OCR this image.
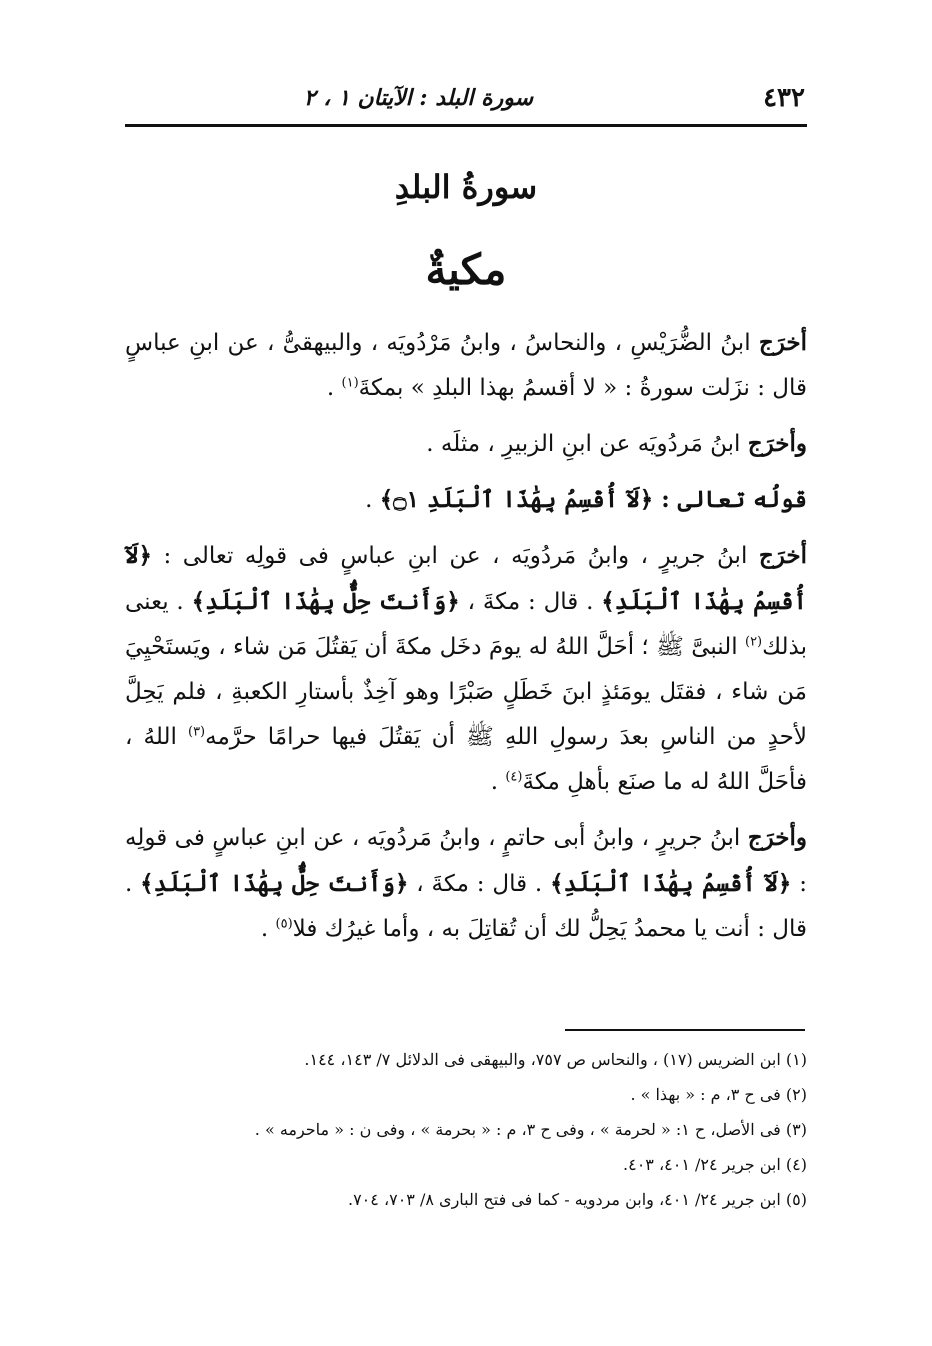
٤٣٢
سورة البلد : الآيتان ١ ، ٢
سورةُ البلدِ
مكيةٌ

أخرَج ابنُ الضُّرَيْسِ ، والنحاسُ ، وابنُ مَرْدُويَه ، والبيهقىُّ ، عن ابنِ عباسٍ قال : نزَلت سورةُ : « لا أقسمُ بهذا البلدِ » بمكةَ$^{(١)}$ .

وأخرَج ابنُ مَردُويَه عن ابنِ الزبيرِ ، مثلَه .

قولُه تعالى : ﴿لَآ أُقْسِمُ بِهَٰذَا ٱلْبَلَدِ ۝١﴾ .

أخرَج ابنُ جريرٍ ، وابنُ مَردُويَه ، عن ابنِ عباسٍ فى قولِه تعالى : ﴿لَآ أُقْسِمُ بِهَٰذَا ٱلْبَلَدِ﴾ . قال : مكةَ ، ﴿وَأَنتَ حِلٌّۢ بِهَٰذَا ٱلْبَلَدِ﴾ . يعنى بذلك$^{(٢)}$ النبىَّ ﷺ ؛ أحَلَّ اللهُ له يومَ دخَل مكةَ أن يَقتُلَ مَن شاء ، ويَستَحْيِيَ مَن شاء ، فقتَل يومَئذٍ ابنَ خَطَلٍ صَبْرًا وهو آخِذٌ بأستارِ الكعبةِ ، فلم يَحِلَّ لأحدٍ من الناسِ بعدَ رسولِ اللهِ ﷺ أن يَقتُلَ فيها حرامًا حرَّمه$^{(٣)}$ اللهُ ، فأحَلَّ اللهُ له ما صنَع بأهلِ مكةَ$^{(٤)}$ .

وأخرَج ابنُ جريرٍ ، وابنُ أبى حاتمٍ ، وابنُ مَردُويَه ، عن ابنِ عباسٍ فى قولِه : ﴿لَآ أُقْسِمُ بِهَٰذَا ٱلْبَلَدِ﴾ . قال : مكةَ ، ﴿وَأَنتَ حِلٌّۢ بِهَٰذَا ٱلْبَلَدِ﴾ . قال : أنت يا محمدُ يَحِلُّ لك أن تُقاتِلَ به ، وأما غيرُك فلا$^{(٥)}$ .

(١) ابن الضريس (١٧) ، والنحاس ص ٧٥٧، والبيهقى فى الدلائل ٧/ ١٤٣، ١٤٤.

(٢) فى ح ٣، م : « بهذا » .

(٣) فى الأصل، ح ١: « لحرمة » ، وفى ح ٣، م : « بحرمة » ، وفى ن : « ماحرمه » .

(٤) ابن جرير ٢٤/ ٤٠١، ٤٠٣.

(٥) ابن جرير ٢٤/ ٤٠١، وابن مردويه - كما فى فتح البارى ٨/ ٧٠٣، ٧٠٤.
